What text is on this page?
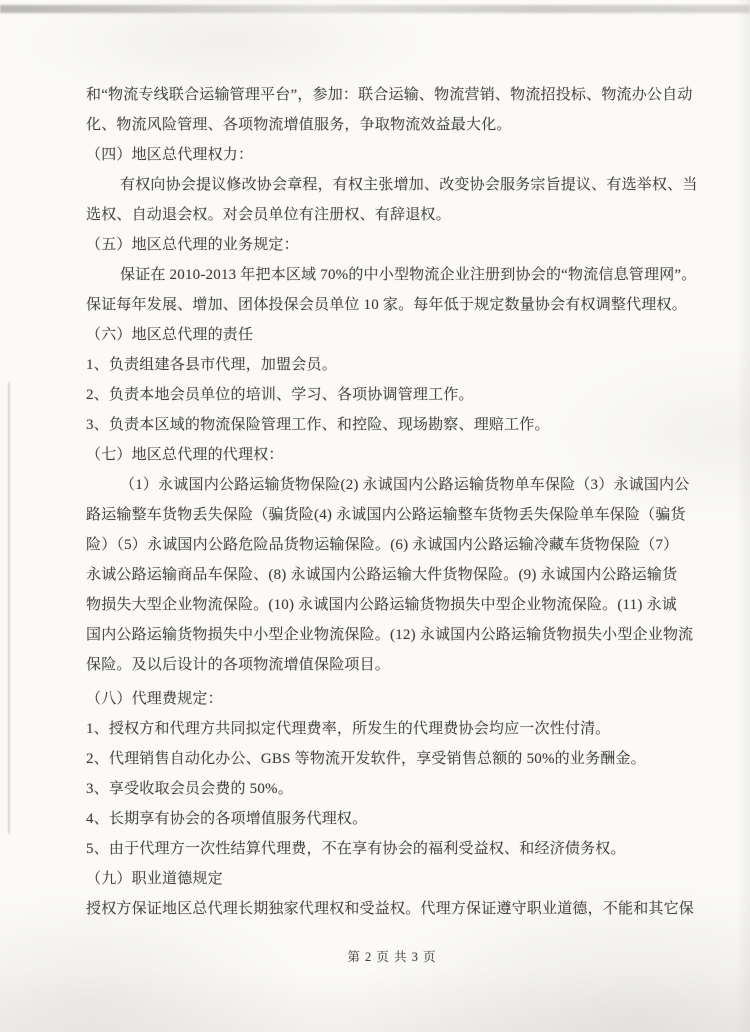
和“物流专线联合运输管理平台”，参加：联合运输、物流营销、物流招投标、物流办公自动
化、物流风险管理、各项物流增值服务，争取物流效益最大化。
（四）地区总代理权力：
有权向协会提议修改协会章程，有权主张增加、改变协会服务宗旨提议、有选举权、当
选权、自动退会权。对会员单位有注册权、有辞退权。
（五）地区总代理的业务规定：
保证在 2010-2013 年把本区域 70%的中小型物流企业注册到协会的“物流信息管理网”。
保证每年发展、增加、团体投保会员单位 10 家。每年低于规定数量协会有权调整代理权。
（六）地区总代理的责任
1、负责组建各县市代理，加盟会员。
2、负责本地会员单位的培训、学习、各项协调管理工作。
3、负责本区域的物流保险管理工作、和控险、现场勘察、理赔工作。
（七）地区总代理的代理权：
（1）永诚国内公路运输货物保险(2) 永诚国内公路运输货物单车保险（3）永诚国内公
路运输整车货物丢失保险（骗货险(4) 永诚国内公路运输整车货物丢失保险单车保险（骗货
险）（5）永诚国内公路危险品货物运输保险。(6) 永诚国内公路运输冷藏车货物保险（7）
永诚公路运输商品车保险、(8) 永诚国内公路运输大件货物保险。(9) 永诚国内公路运输货
物损失大型企业物流保险。(10) 永诚国内公路运输货物损失中型企业物流保险。(11) 永诚
国内公路运输货物损失中小型企业物流保险。(12) 永诚国内公路运输货物损失小型企业物流
保险。及以后设计的各项物流增值保险项目。
（八）代理费规定：
1、授权方和代理方共同拟定代理费率，所发生的代理费协会均应一次性付清。
2、代理销售自动化办公、GBS 等物流开发软件，享受销售总额的 50%的业务酬金。
3、享受收取会员会费的 50%。
4、长期享有协会的各项增值服务代理权。
5、由于代理方一次性结算代理费，不在享有协会的福利受益权、和经济债务权。
（九）职业道德规定
授权方保证地区总代理长期独家代理权和受益权。代理方保证遵守职业道德，不能和其它保
第 2 页 共 3 页
